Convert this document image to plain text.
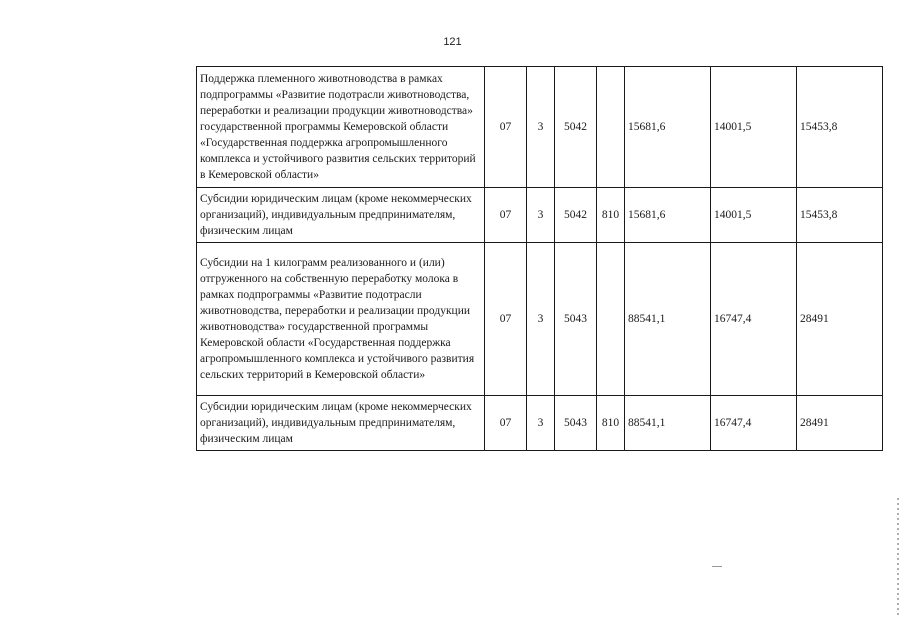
121
Поддержка племенного животноводства в рамках подпрограммы «Развитие подотрасли животноводства, переработки и реализации продукции животноводства» государственной программы Кемеровской области «Государственная поддержка агропромышленного комплекса и устойчивого развития сельских территорий в Кемеровской области»	07	3	5042		15681,6	14001,5	15453,8
Субсидии юридическим лицам (кроме некоммерческих организаций), индивидуальным предпринимателям, физическим лицам	07	3	5042	810	15681,6	14001,5	15453,8
Субсидии на 1 килограмм реализованного и (или) отгруженного на собственную переработку молока в рамках подпрограммы «Развитие подотрасли животноводства, переработки и реализации продукции животноводства» государственной программы Кемеровской области «Государственная поддержка агропромышленного комплекса и устойчивого развития сельских территорий в Кемеровской области»	07	3	5043		88541,1	16747,4	28491
Субсидии юридическим лицам (кроме некоммерческих организаций), индивидуальным предпринимателям, физическим лицам	07	3	5043	810	88541,1	16747,4	28491
